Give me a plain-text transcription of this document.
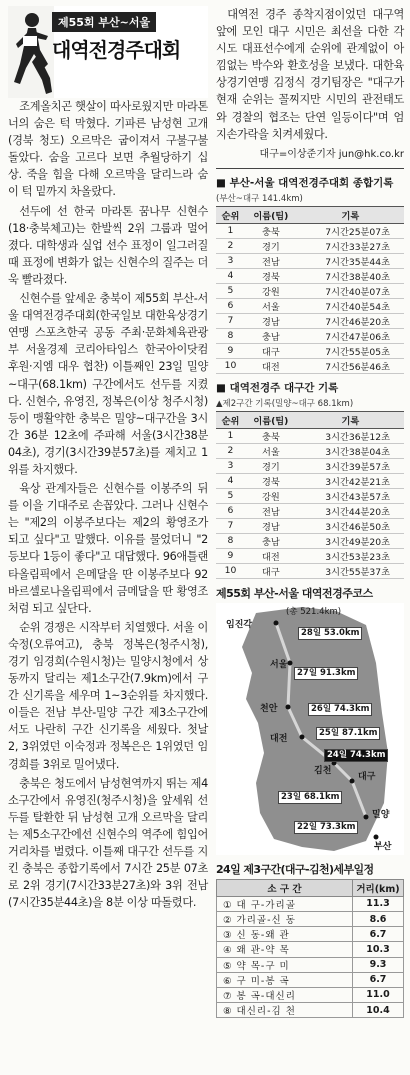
제55회 부산~서울
대역전경주대회

조계올치곤 햇살이 따사로웠지만 마라톤너의 숨은 턱 막혔다. 기파른 남성현 고개(경북 청도) 오르막은 굽이져서 구불구불 돌았다. 숨을 고르다 보면 추월당하기 십상. 죽을 힘을 다해 오르막을 달리느라 숨이 턱 밑까지 차올랐다.

선두에 선 한국 마라톤 꿈나무 신현수(18·충북체고)는 한발씩 2위 그룹과 멀어졌다. 대학생과 실업 선수 표정이 일그러질 때 표정에 변화가 없는 신현수의 질주는 더욱 빨라졌다.

신현수를 앞세운 충북이 제55회 부산-서울 대역전경주대회(한국일보 대한육상경기연맹 스포츠한국 공동 주최·문화체육관광부 서울경제 코리아타임스 한국아이닷컴 후원·지엠 대우 협찬) 이틀째인 23일 밀양~대구(68.1km) 구간에서도 선두를 지켰다. 신현수, 유영진, 정복은(이상 청주시청) 등이 맹활약한 충북은 밀양~대구간을 3시간 36분 12초에 주파해 서울(3시간38분04초), 경기(3시간39분57초)를 제치고 1위를 차지했다.

육상 관계자들은 신현수를 이봉주의 뒤를 이을 기대주로 손꼽았다. 그러나 신현수는 "제2의 이봉주보다는 제2의 황영조가 되고 싶다"고 말했다. 이유를 물었더니 "2등보다 1등이 좋다"고 대답했다. 96애틀랜타올림픽에서 은메달을 딴 이봉주보다 92바르셀로나올림픽에서 금메달을 딴 황영조처럼 되고 싶단다.

순위 경쟁은 시작부터 치열했다. 서울 이숙정(오류여고), 충북 정복은(청주시청), 경기 임경희(수원시청)는 밀양시청에서 상동까지 달리는 제1소구간(7.9km)에서 구간 신기록을 세우며 1~3순위를 차지했다. 이들은 전남 부산-밀양 구간 제3소구간에서도 나란히 구간 신기록을 세웠다. 첫날 2, 3위였던 이숙정과 정복은은 1위였던 임경희를 3위로 밀어냈다.

충북은 청도에서 남성현역까지 뛰는 제4소구간에서 유영진(청주시청)을 앞세워 선두를 탈환한 뒤 남성현 고개 오르막을 달리는 제5소구간에선 신현수의 역주에 힘입어 거리차를 벌렸다. 이틀째 대구간 선두를 지킨 충북은 종합기록에서 7시간 25분 07초로 2위 경기(7시간33분27초)와 3위 전남(7시간35분44초)을 8분 이상 따돌렸다.

대역전 경주 종착지점이었던 대구역 앞에 모인 대구 시민은 최선을 다한 각 시도 대표선수에게 순위에 관계없이 아낌없는 박수와 환호성을 보냈다. 대한육상경기연맹 김정식 경기팀장은 "대구가 현재 순위는 꼴찌지만 시민의 관전태도와 경찰의 협조는 단연 일등이다"며 엄지손가락을 치켜세웠다.

대구=이상준기자 jun@hk.co.kr
■ 부산-서울 대역전경주대회 종합기록
(부산~대구 141.4km)
순위	이름(팀)	기록
1	충북	7시간25분07초
2	경기	7시간33분27초
3	전남	7시간35분44초
4	경북	7시간38분40초
5	강원	7시간40분07초
6	서울	7시간40분54초
7	경남	7시간46분20초
8	충남	7시간47분06초
9	대구	7시간55분05초
10	대전	7시간56분46초
■ 대역전경주 대구간 기록
▲제2구간 기록(밀양~대구 68.1km)
순위	이름(팀)	기록
1	충북	3시간36분12초
2	서울	3시간38분04초
3	경기	3시간39분57초
4	경북	3시간42분21초
5	강원	3시간43분57초
6	전남	3시간44분20초
7	경남	3시간46분50초
8	충남	3시간49분20초
9	대전	3시간53분23초
10	대구	3시간55분37초
제55회 부산-서울 대역전경주코스
(총 521.4km)
임진각
서울
천안
대전
김천
대구
밀양
부산
28일 53.0km
27일 91.3km
26일 74.3km
25일 87.1km
24일 74.3km
23일 68.1km
22일 73.3km
24일 제3구간(대구-김천)세부일정
소 구 간	거리(km)
① 대 구-가리골	11.3
② 가리골-신 동	8.6
③ 신 동-왜 관	6.7
④ 왜 관-약 목	10.3
⑤ 약 목-구 미	9.3
⑥ 구 미-봉 곡	6.7
⑦ 봉 곡-대신리	11.0
⑧ 대신리-김 천	10.4
